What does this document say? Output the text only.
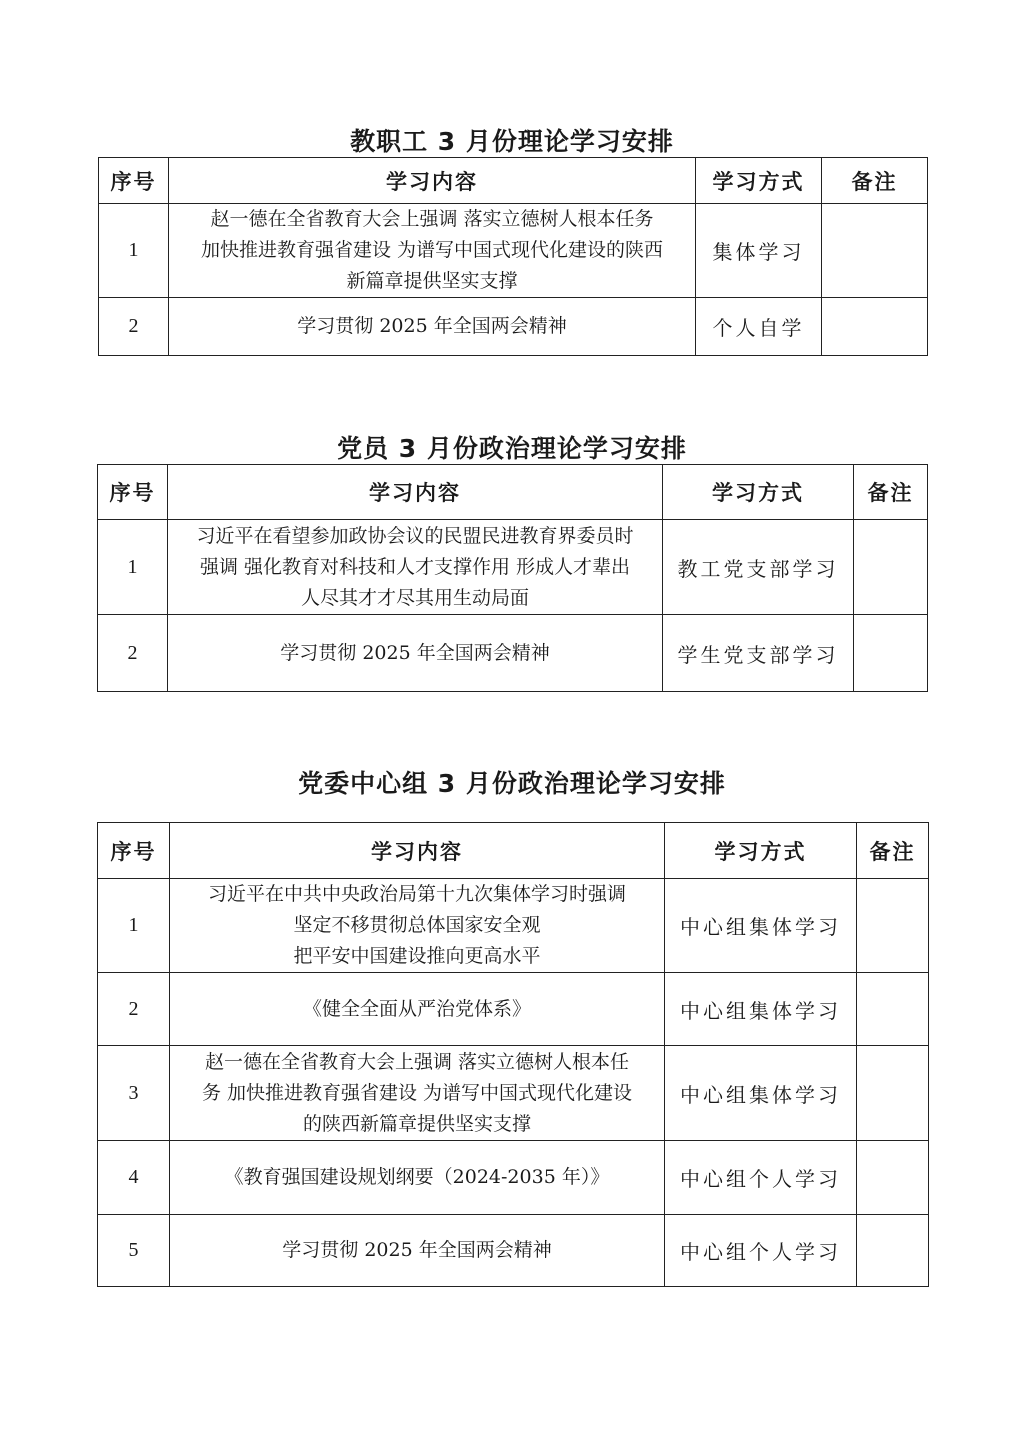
教职工 3 月份理论学习安排
序号	学习内容	学习方式	备注
1	赵一德在全省教育大会上强调 落实立德树人根本任务
加快推进教育强省建设 为谱写中国式现代化建设的陕西
新篇章提供坚实支撑	集体学习	
2	学习贯彻 2025 年全国两会精神	个人自学	
党员 3 月份政治理论学习安排
序号	学习内容	学习方式	备注
1	习近平在看望参加政协会议的民盟民进教育界委员时
强调 强化教育对科技和人才支撑作用 形成人才辈出
人尽其才才尽其用生动局面	教工党支部学习	
2	学习贯彻 2025 年全国两会精神	学生党支部学习	
党委中心组 3 月份政治理论学习安排
序号	学习内容	学习方式	备注
1	习近平在中共中央政治局第十九次集体学习时强调
坚定不移贯彻总体国家安全观
把平安中国建设推向更高水平	中心组集体学习	
2	《健全全面从严治党体系》	中心组集体学习	
3	赵一德在全省教育大会上强调 落实立德树人根本任
务 加快推进教育强省建设 为谱写中国式现代化建设
的陕西新篇章提供坚实支撑	中心组集体学习	
4	《教育强国建设规划纲要（2024-2035 年）》	中心组个人学习	
5	学习贯彻 2025 年全国两会精神	中心组个人学习	
